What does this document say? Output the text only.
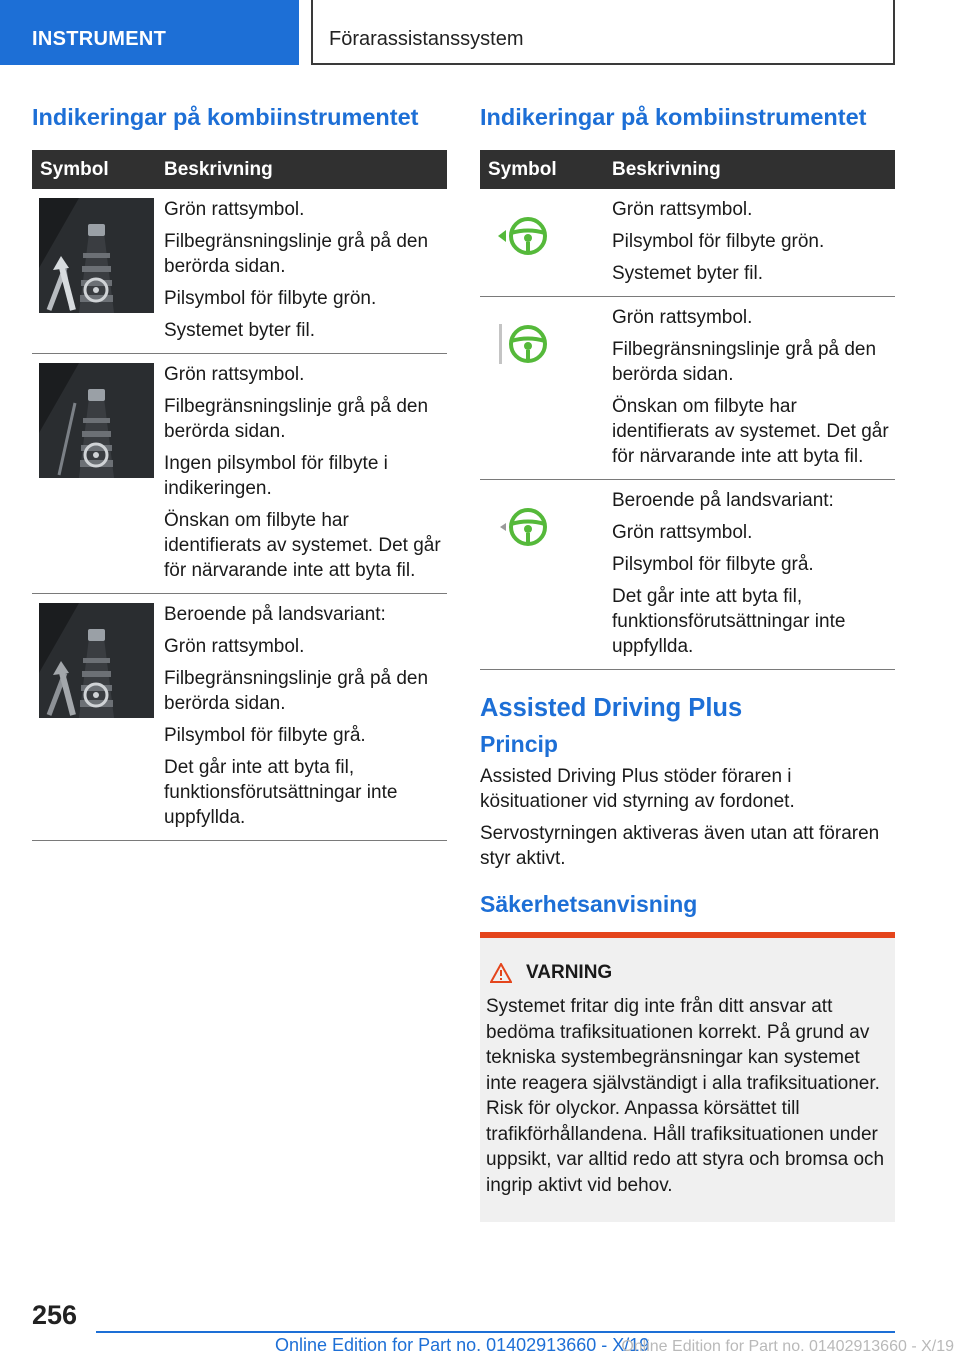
INSTRUMENT	Förarassistanssystem
Indikeringar på kombiinstrumentet
Symbol	Beskrivning

Grön rattsymbol.
Filbegränsningslinje grå på den berörda sidan.
Pilsymbol för filbyte grön.
Systemet byter fil.

Grön rattsymbol.
Filbegränsningslinje grå på den berörda sidan.
Ingen pilsymbol för filbyte i indikeringen.
Önskan om filbyte har identifierats av systemet. Det går för närvarande inte att byta fil.

Beroende på landsvariant:
Grön rattsymbol.
Filbegränsningslinje grå på den berörda sidan.
Pilsymbol för filbyte grå.
Det går inte att byta fil, funktionsförutsättningar inte uppfyllda.
Indikeringar på kombiinstrumentet
Symbol	Beskrivning

Grön rattsymbol.
Pilsymbol för filbyte grön.
Systemet byter fil.

Grön rattsymbol.
Filbegränsningslinje grå på den berörda sidan.
Önskan om filbyte har identifierats av systemet. Det går för närvarande inte att byta fil.

Beroende på landsvariant:
Grön rattsymbol.
Pilsymbol för filbyte grå.
Det går inte att byta fil, funktionsförutsättningar inte uppfyllda.
Assisted Driving Plus
Princip

Assisted Driving Plus stöder föraren i kösituationer vid styrning av fordonet.

Servostyrningen aktiveras även utan att föraren styr aktivt.

Säkerhetsanvisning
VARNING
Systemet fritar dig inte från ditt ansvar att bedöma trafiksituationen korrekt. På grund av tekniska systembegränsningar kan systemet inte reagera självständigt i alla trafiksituationer. Risk för olyckor. Anpassa körsättet till trafikförhållandena. Håll trafiksituationen under uppsikt, var alltid redo att styra och bromsa och ingrip aktivt vid behov.
256
Online Edition for Part no. 01402913660 - X/19
Online Edition for Part no. 01402913660 - X/19
